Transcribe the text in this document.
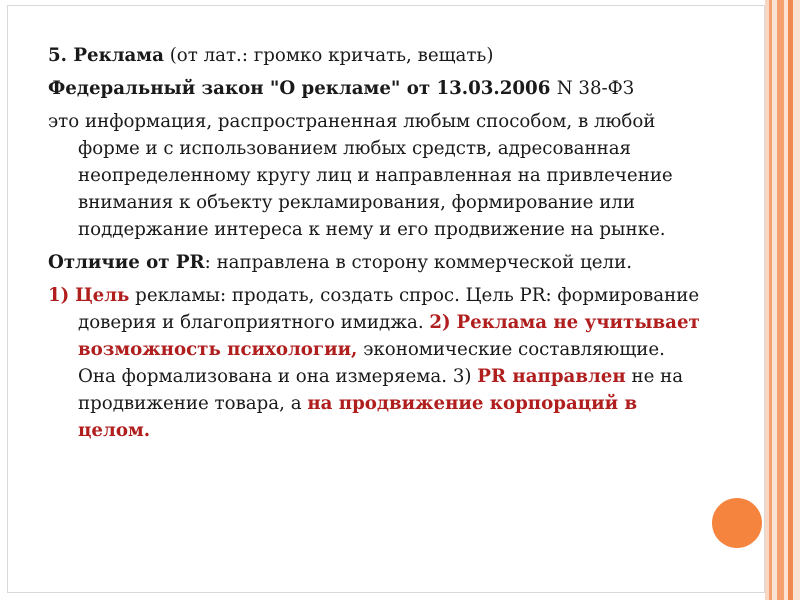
5. Реклама (от лат.: громко кричать, вещать)

Федеральный закон "О рекламе" от 13.03.2006 N 38-ФЗ

это информация, распространенная любым способом, в любой форме и с использованием любых средств, адресованная неопределенному кругу лиц и направленная на привлечение внимания к объекту рекламирования, формирование или поддержание интереса к нему и его продвижение на рынке.

Отличие от PR: направлена в сторону коммерческой цели.

1) Цель рекламы: продать, создать спрос. Цель PR: формирование доверия и благоприятного имиджа. 2) Реклама не учитывает возможность психологии, экономические составляющие. Она формализована и она измеряема. 3) PR направлен не на продвижение товара, а на продвижение корпораций в целом.
